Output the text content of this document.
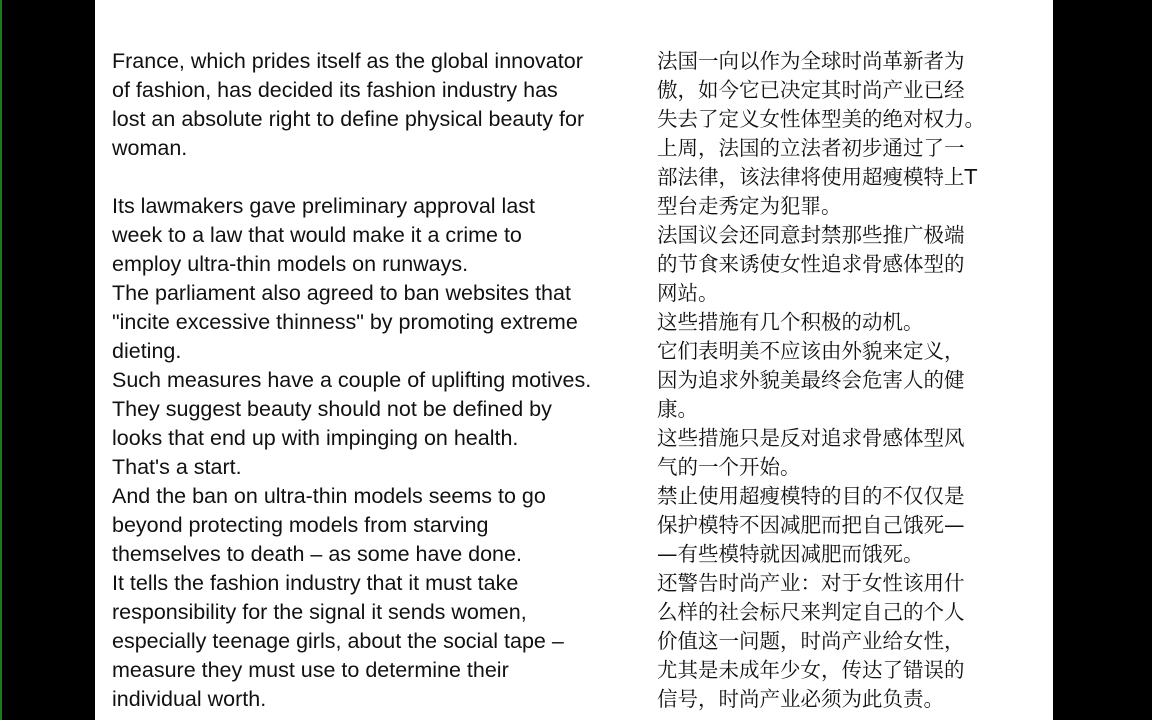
France, which prides itself as the global innovator
of fashion, has decided its fashion industry has
lost an absolute right to define physical beauty for
woman.
Its lawmakers gave preliminary approval last
week to a law that would make it a crime to
employ ultra-thin models on runways.
The parliament also agreed to ban websites that
"incite excessive thinness" by promoting extreme
dieting.
Such measures have a couple of uplifting motives.
They suggest beauty should not be defined by
looks that end up with impinging on health.
That's a start.
And the ban on ultra-thin models seems to go
beyond protecting models from starving
themselves to death – as some have done.
It tells the fashion industry that it must take
responsibility for the signal it sends women,
especially teenage girls, about the social tape –
measure they must use to determine their
individual worth.
法国一向以作为全球时尚革新者为
傲，如今它已决定其时尚产业已经
失去了定义女性体型美的绝对权力。
上周，法国的立法者初步通过了一
部法律，该法律将使用超瘦模特上T
型台走秀定为犯罪。
法国议会还同意封禁那些推广极端
的节食来诱使女性追求骨感体型的
网站。
这些措施有几个积极的动机。
它们表明美不应该由外貌来定义，
因为追求外貌美最终会危害人的健
康。
这些措施只是反对追求骨感体型风
气的一个开始。
禁止使用超瘦模特的目的不仅仅是
保护模特不因减肥而把自己饿死—
—有些模特就因减肥而饿死。
还警告时尚产业：对于女性该用什
么样的社会标尺来判定自己的个人
价值这一问题，时尚产业给女性，
尤其是未成年少女，传达了错误的
信号，时尚产业必须为此负责。
